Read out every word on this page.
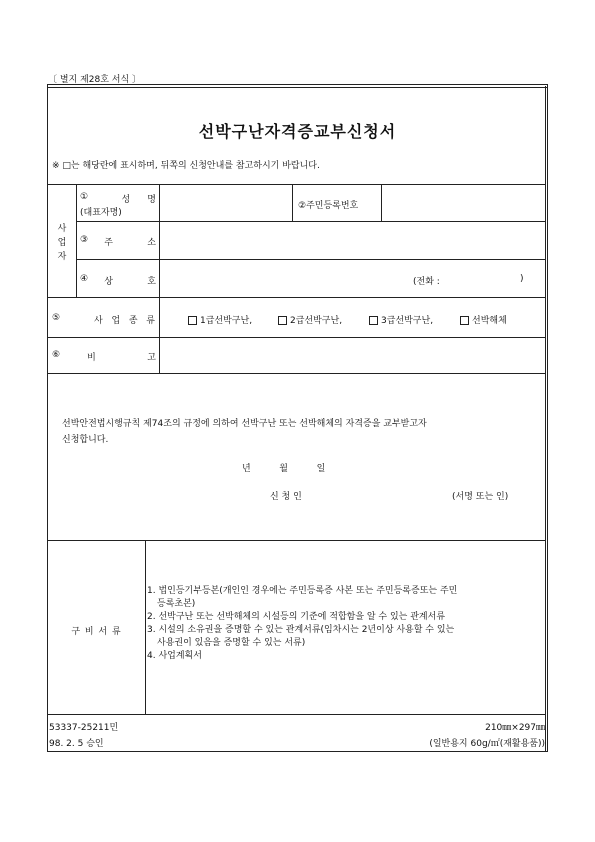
〔 별지 제28호 서식 〕
선박구난자격증교부신청서
※ □는 해당란에 표시하며, 뒤쪽의 신청안내를 참고하시기 바랍니다.
사
업
자
①	성      명
(대표자명)
②주민등록번호
③	주            소
④	상            호	(전화 :	)
⑤	사  업  종  류	1급선박구난,	2급선박구난,	3급선박구난,	선박해체
⑥	비                  고
선박안전법시행규칙 제74조의 규정에 의하여 선박구난 또는 선박해체의 자격증을 교부받고자
신청합니다.
년          월          일
신 청 인	(서명 또는 인)
구 비 서 류
1. 법인등기부등본(개인인 경우에는 주민등록증 사본 또는 주민등록증또는 주민
등록초본)
2. 선박구난 또는 선박해체의 시설등의 기준에 적합함을 알 수 있는 관계서류
3. 시설의 소유권을 증명할 수 있는 관계서류(임차시는 2년이상 사용할 수 있는
사용권이 있음을 증명할 수 있는 서류)
4. 사업계획서
53337-25211민
98. 2. 5 승인
210㎜×297㎜
(일반용지 60g/㎡(재활용품))
